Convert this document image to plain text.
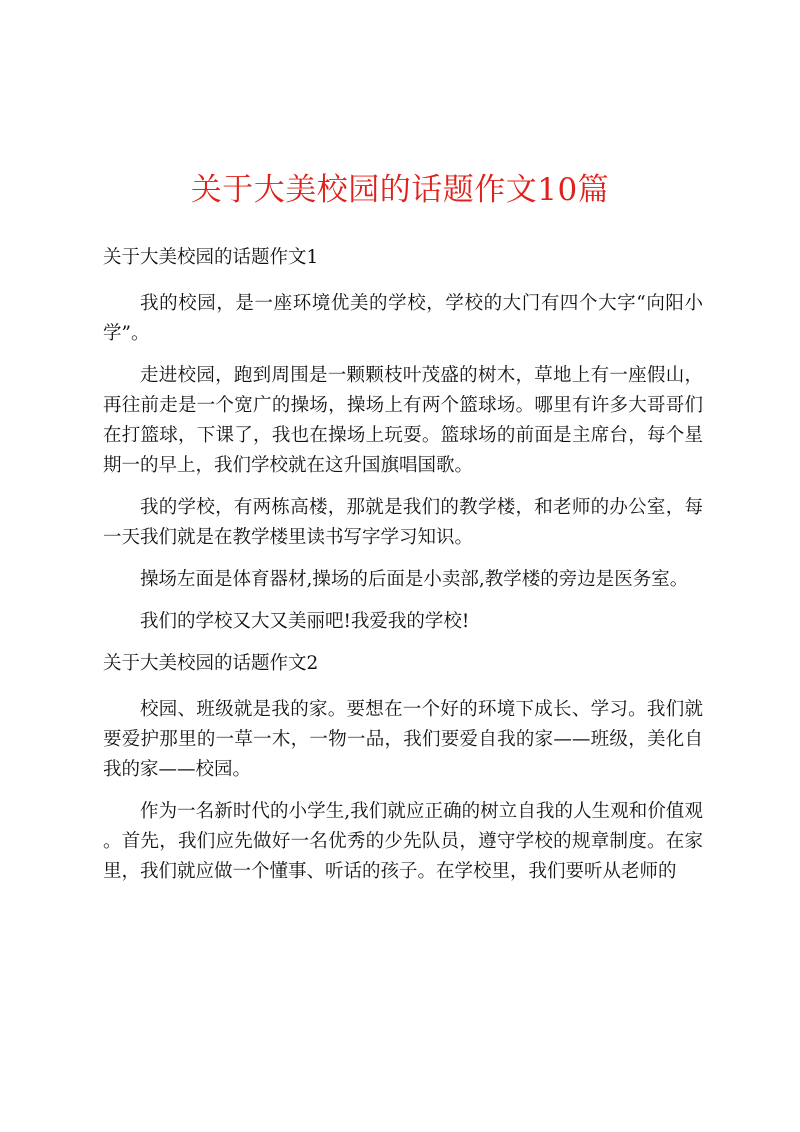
关于大美校园的话题作文10篇
关于大美校园的话题作文1

我的校园，是一座环境优美的学校，学校的大门有四个大字“向阳小学”。

走进校园，跑到周围是一颗颗枝叶茂盛的树木，草地上有一座假山，再往前走是一个宽广的操场，操场上有两个篮球场。哪里有许多大哥哥们在打篮球，下课了，我也在操场上玩耍。篮球场的前面是主席台，每个星期一的早上，我们学校就在这升国旗唱国歌。

我的学校，有两栋高楼，那就是我们的教学楼，和老师的办公室，每一天我们就是在教学楼里读书写字学习知识。

操场左面是体育器材,操场的后面是小卖部,教学楼的旁边是医务室。

我们的学校又大又美丽吧!我爱我的学校!

关于大美校园的话题作文2

校园、班级就是我的家。要想在一个好的环境下成长、学习。我们就要爱护那里的一草一木，一物一品，我们要爱自我的家——班级，美化自我的家——校园。

作为一名新时代的小学生,我们就应正确的树立自我的人生观和价值观。首先，我们应先做好一名优秀的少先队员，遵守学校的规章制度。在家里，我们就应做一个懂事、听话的孩子。在学校里，我们要听从老师的
